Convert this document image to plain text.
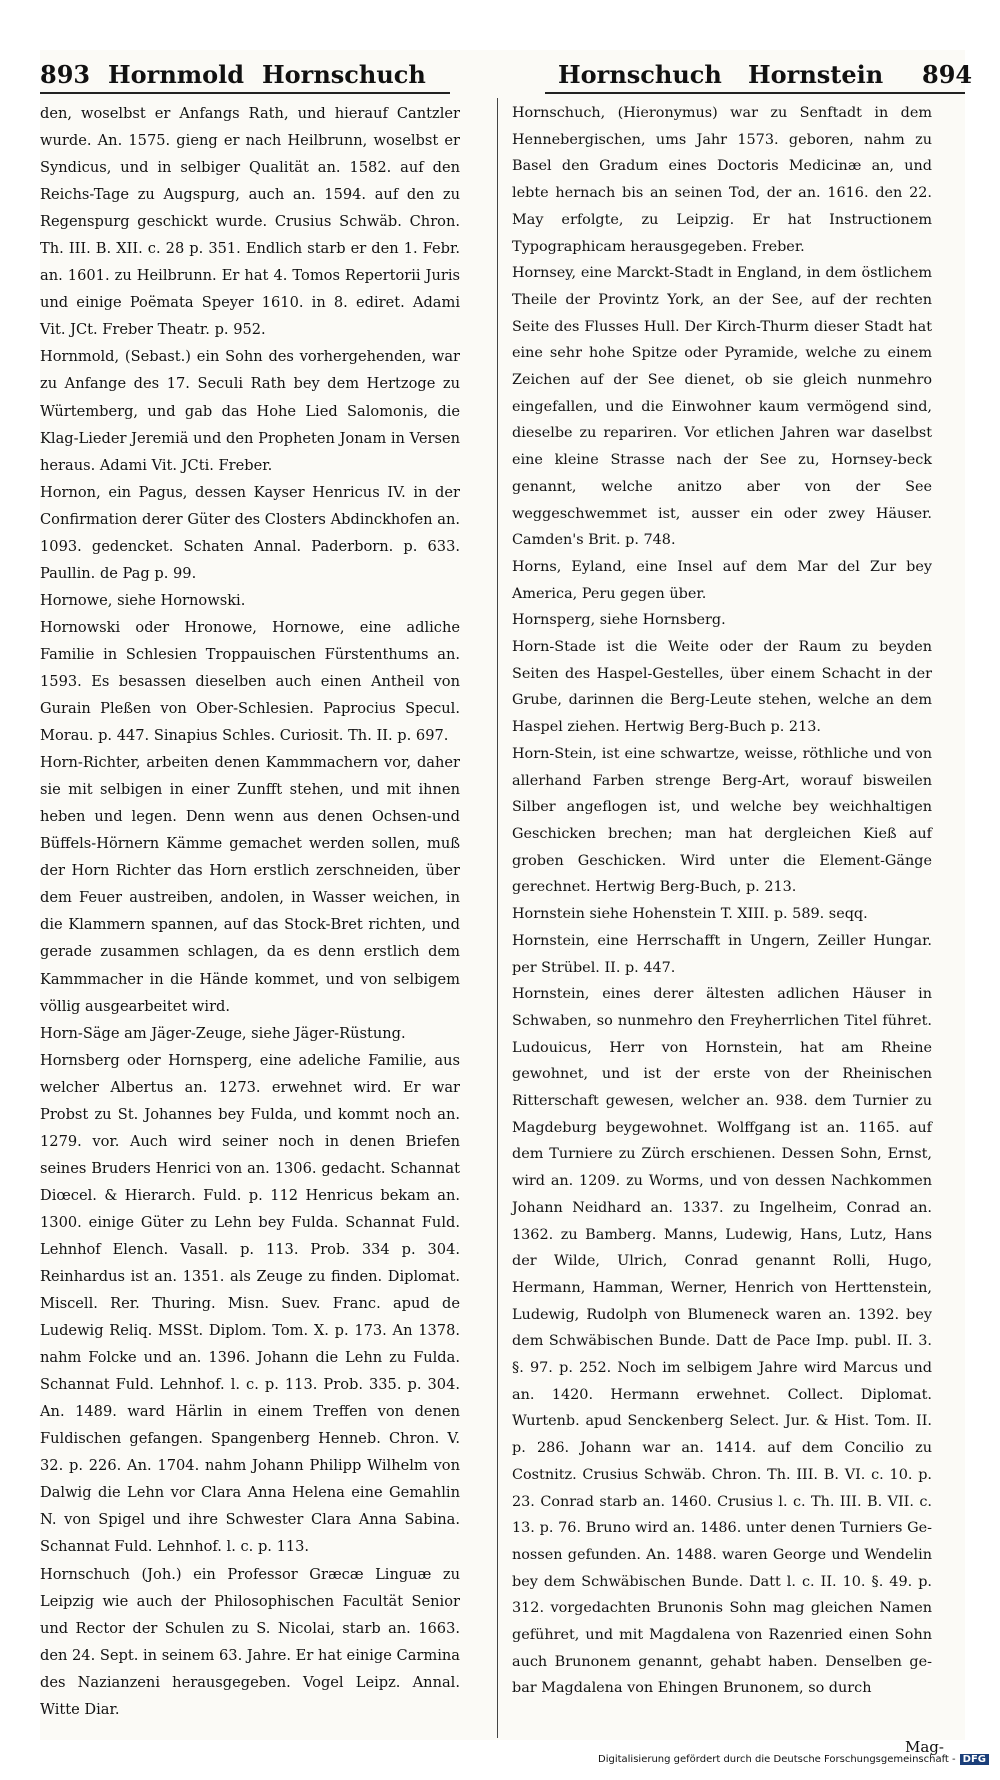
893 Hornmold Hornschuch	Hornschuch Hornstein 894

den, woselbst er Anfangs Rath, und hierauf Cantzler wurde. An. 1575. gieng er nach Heilbrunn, woselbst er Syndicus, und in selbiger Qualität an. 1582. auf den Reichs-Tage zu Augspurg, auch an. 1594. auf den zu Regenspurg geschickt wurde. Crusius Schwäb. Chron. Th. III. B. XII. c. 28 p. 351. Endlich starb er den 1. Febr. an. 1601. zu Heilbrunn. Er hat 4. Tomos Repertorii Juris und einige Poëmata Speyer 1610. in 8. ediret. Adami Vit. JCt. Freber Theatr. p. 952.

Hornmold, (Sebast.) ein Sohn des vorhergehenden, war zu Anfange des 17. Seculi Rath bey dem Hertzoge zu Würtemberg, und gab das Hohe Lied Salomonis, die Klag-Lieder Jeremiä und den Propheten Jonam in Versen heraus. Adami Vit. JCti. Freber.

Hornon, ein Pagus, dessen Kayser Henricus IV. in der Confirmation derer Güter des Closters Abdinckhofen an. 1093. gedencket. Schaten Annal. Paderborn. p. 633. Paullin. de Pag p. 99.

Hornowe, siehe Hornowski.

Hornowski oder Hronowe, Hornowe, eine adliche Familie in Schlesien Troppauischen Fürstenthums an. 1593. Es besassen dieselben auch einen Antheil von Gurain Pleßen von Ober-Schlesien. Paprocius Specul. Morau. p. 447. Sinapius Schles. Curiosit. Th. II. p. 697.

Horn-Richter, arbeiten denen Kammmachern vor, daher sie mit selbigen in einer Zunfft stehen, und mit ihnen heben und legen. Denn wenn aus denen Ochsen-und Büffels-Hörnern Kämme gemachet werden sollen, muß der Horn Richter das Horn erstlich zerschneiden, über dem Feuer austreiben, andolen, in Wasser weichen, in die Klammern spannen, auf das Stock-Bret richten, und gerade zusammen schlagen, da es denn erstlich dem Kammmacher in die Hände kommet, und von selbigem völlig ausgearbeitet wird.

Horn-Säge am Jäger-Zeuge, siehe Jäger-Rüstung.

Hornsberg oder Hornsperg, eine adeliche Familie, aus welcher Albertus an. 1273. erwehnet wird. Er war Probst zu St. Johannes bey Fulda, und kommt noch an. 1279. vor. Auch wird seiner noch in denen Briefen seines Bruders Henrici von an. 1306. gedacht. Schannat Diœcel. & Hierarch. Fuld. p. 112 Henricus bekam an. 1300. einige Güter zu Lehn bey Fulda. Schannat Fuld. Lehnhof Elench. Vasall. p. 113. Prob. 334 p. 304. Reinhardus ist an. 1351. als Zeuge zu finden. Diplomat. Miscell. Rer. Thuring. Misn. Suev. Franc. apud de Ludewig Reliq. MSSt. Diplom. Tom. X. p. 173. An 1378. nahm Folcke und an. 1396. Johann die Lehn zu Fulda. Schannat Fuld. Lehnhof. l. c. p. 113. Prob. 335. p. 304. An. 1489. ward Härlin in einem Treffen von denen Fuldischen gefangen. Spangenberg Henneb. Chron. V. 32. p. 226. An. 1704. nahm Johann Philipp Wilhelm von Dalwig die Lehn vor Clara Anna Helena eine Gemahlin N. von Spigel und ihre Schwester Clara Anna Sabina. Schannat Fuld. Lehnhof. l. c. p. 113.

Hornschuch (Joh.) ein Professor Græcæ Linguæ zu Leipzig wie auch der Philosophischen Facultät Senior und Rector der Schulen zu S. Nicolai, starb an. 1663. den 24. Sept. in seinem 63. Jahre. Er hat einige Carmina des Nazianzeni herausgegeben. Vogel Leipz. Annal. Witte Diar.

Hornschuch, (Hieronymus) war zu Senftadt in dem Hennebergischen, ums Jahr 1573. geboren, nahm zu Basel den Gradum eines Doctoris Medicinæ an, und lebte hernach bis an seinen Tod, der an. 1616. den 22. May erfolgte, zu Leipzig. Er hat Instructionem Typographicam herausgegeben. Freber.

Hornsey, eine Marckt-Stadt in England, in dem östlichem Theile der Provintz York, an der See, auf der rechten Seite des Flusses Hull. Der Kirch-Thurm dieser Stadt hat eine sehr hohe Spitze oder Pyramide, welche zu einem Zeichen auf der See dienet, ob sie gleich nunmehro eingefallen, und die Einwohner kaum vermögend sind, dieselbe zu repariren. Vor etlichen Jahren war daselbst eine kleine Strasse nach der See zu, Hornsey-beck genannt, welche anitzo aber von der See weggeschwemmet ist, ausser ein oder zwey Häuser. Camden's Brit. p. 748.

Horns, Eyland, eine Insel auf dem Mar del Zur bey America, Peru gegen über.

Hornsperg, siehe Hornsberg.

Horn-Stade ist die Weite oder der Raum zu beyden Seiten des Haspel-Gestelles, über einem Schacht in der Grube, darinnen die Berg-Leute stehen, welche an dem Haspel ziehen. Hertwig Berg-Buch p. 213.

Horn-Stein, ist eine schwartze, weisse, röthliche und von allerhand Farben strenge Berg-Art, worauf bisweilen Silber angeflogen ist, und welche bey weichhaltigen Geschicken brechen; man hat dergleichen Kieß auf groben Geschicken. Wird unter die Element-Gänge gerechnet. Hertwig Berg-Buch, p. 213.

Hornstein siehe Hohenstein T. XIII. p. 589. seqq.

Hornstein, eine Herrschafft in Ungern, Zeiller Hungar. per Strübel. II. p. 447.

Hornstein, eines derer ältesten adlichen Häuser in Schwaben, so nunmehro den Freyherrlichen Titel führet. Ludouicus, Herr von Hornstein, hat am Rheine gewohnet, und ist der erste von der Rheinischen Ritterschaft gewesen, welcher an. 938. dem Turnier zu Magdeburg beygewohnet. Wolffgang ist an. 1165. auf dem Turniere zu Zürch erschienen. Dessen Sohn, Ernst, wird an. 1209. zu Worms, und von dessen Nachkommen Johann Neidhard an. 1337. zu Ingelheim, Conrad an. 1362. zu Bamberg. Manns, Ludewig, Hans, Lutz, Hans der Wilde, Ulrich, Conrad genannt Rolli, Hugo, Hermann, Hamman, Werner, Henrich von Herttenstein, Ludewig, Rudolph von Blumeneck waren an. 1392. bey dem Schwäbischen Bunde. Datt de Pace Imp. publ. II. 3. §. 97. p. 252. Noch im selbigem Jahre wird Marcus und an. 1420. Hermann erwehnet. Collect. Diplomat. Wurtenb. apud Senckenberg Select. Jur. & Hist. Tom. II. p. 286. Johann war an. 1414. auf dem Concilio zu Costnitz. Crusius Schwäb. Chron. Th. III. B. VI. c. 10. p. 23. Conrad starb an. 1460. Crusius l. c. Th. III. B. VII. c. 13. p. 76. Bruno wird an. 1486. unter denen Turniers Genossen gefunden. An. 1488. waren George und Wendelin bey dem Schwäbischen Bunde. Datt l. c. II. 10. §. 49. p. 312. vorgedachten Brunonis Sohn mag gleichen Namen geführet, und mit Magdalena von Razenried einen Sohn auch Brunonem genannt, gehabt haben. Denselben gebar Magdalena von Ehingen Brunonem, so durch

Mag-
Digitalisierung gefördert durch die Deutsche Forschungsgemeinschaft - DFG
